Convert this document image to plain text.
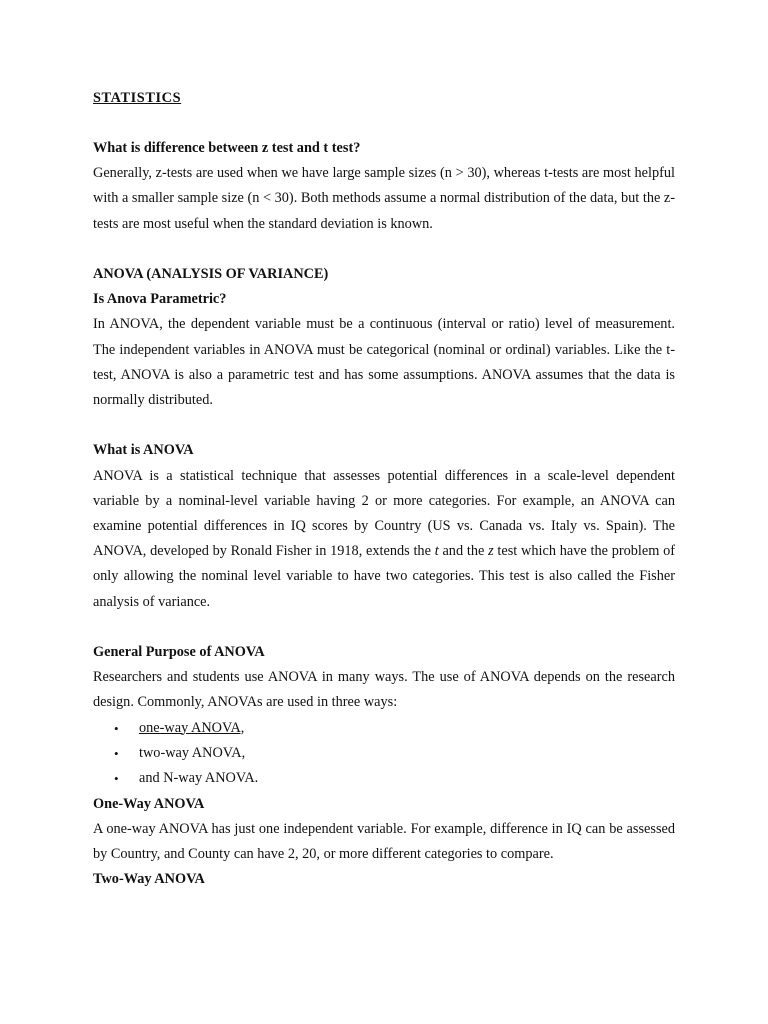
STATISTICS
What is difference between z test and t test?
Generally, z-tests are used when we have large sample sizes (n > 30), whereas t-tests are most helpful with a smaller sample size (n < 30). Both methods assume a normal distribution of the data, but the z-tests are most useful when the standard deviation is known.
ANOVA (ANALYSIS OF VARIANCE)
Is Anova Parametric?
In ANOVA, the dependent variable must be a continuous (interval or ratio) level of measurement. The independent variables in ANOVA must be categorical (nominal or ordinal) variables. Like the t-test, ANOVA is also a parametric test and has some assumptions. ANOVA assumes that the data is normally distributed.
What is ANOVA
ANOVA is a statistical technique that assesses potential differences in a scale-level dependent variable by a nominal-level variable having 2 or more categories. For example, an ANOVA can examine potential differences in IQ scores by Country (US vs. Canada vs. Italy vs. Spain). The ANOVA, developed by Ronald Fisher in 1918, extends the t and the z test which have the problem of only allowing the nominal level variable to have two categories. This test is also called the Fisher analysis of variance.
General Purpose of ANOVA
Researchers and students use ANOVA in many ways. The use of ANOVA depends on the research design. Commonly, ANOVAs are used in three ways:
• one-way ANOVA,
• two-way ANOVA,
• and N-way ANOVA.
One-Way ANOVA
A one-way ANOVA has just one independent variable. For example, difference in IQ can be assessed by Country, and County can have 2, 20, or more different categories to compare.
Two-Way ANOVA
